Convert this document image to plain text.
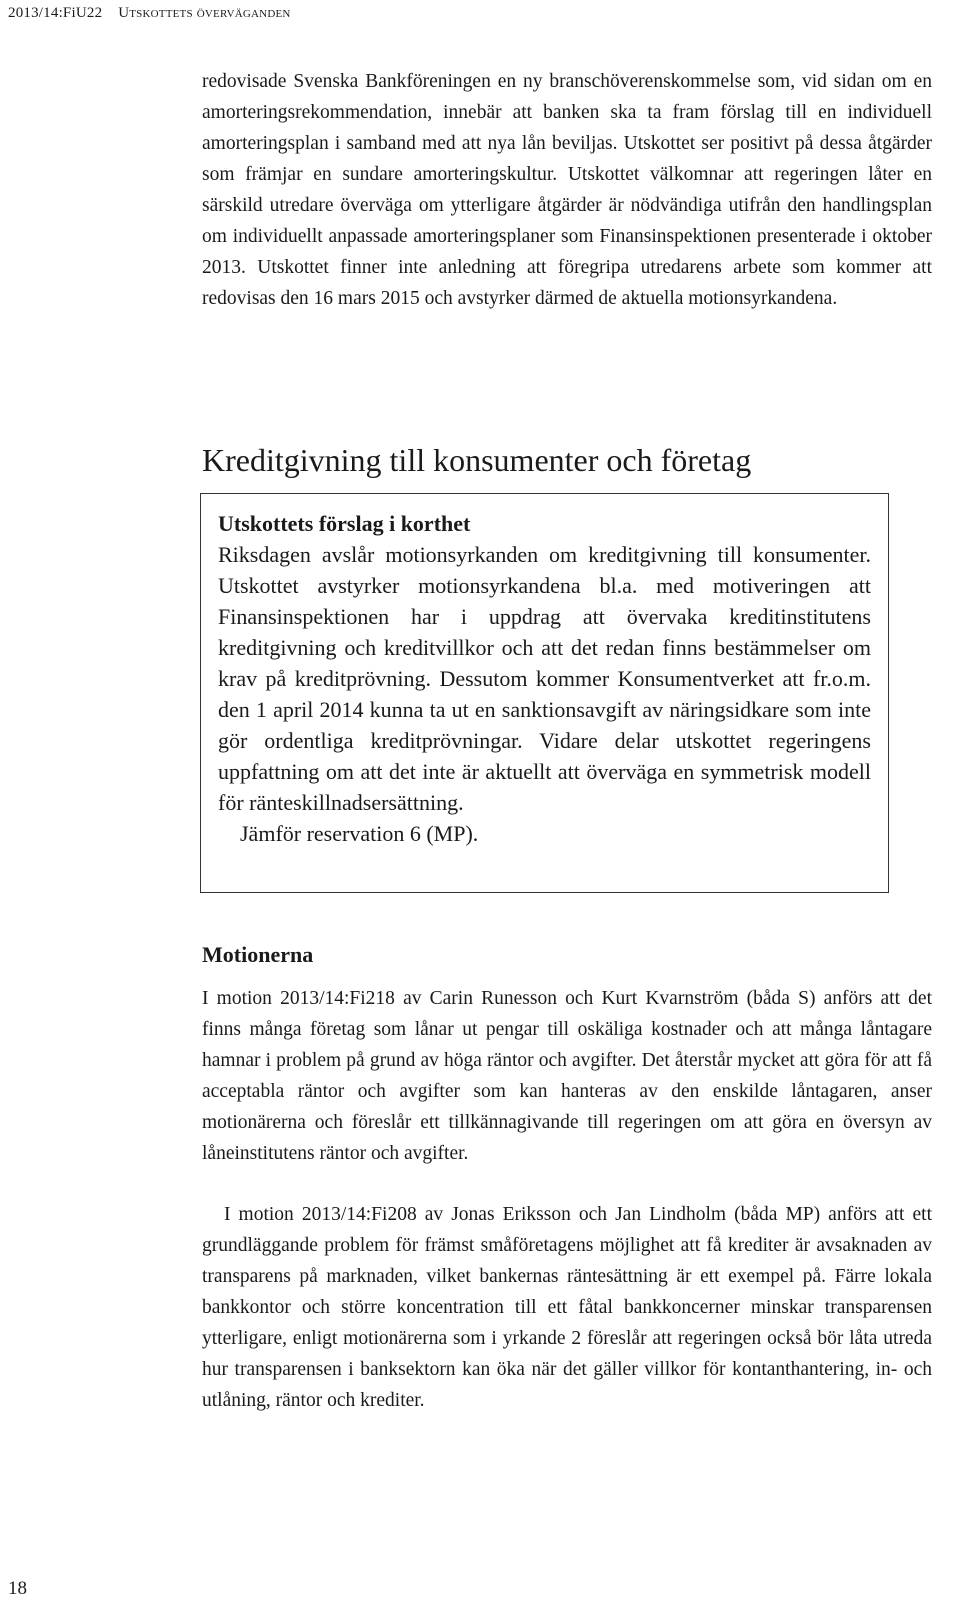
2013/14:FiU22 Utskottets överväganden

redovisade Svenska Bankföreningen en ny branschöverenskommelse som, vid sidan om en amorteringsrekommendation, innebär att banken ska ta fram förslag till en individuell amorteringsplan i samband med att nya lån beviljas. Utskottet ser positivt på dessa åtgärder som främjar en sundare amorteringskultur. Utskottet välkomnar att regeringen låter en särskild utredare överväga om ytterligare åtgärder är nödvändiga utifrån den handlingsplan om individuellt anpassade amorteringsplaner som Finansinspektionen presenterade i oktober 2013. Utskottet finner inte anledning att föregripa utredarens arbete som kommer att redovisas den 16 mars 2015 och avstyrker därmed de aktuella motionsyrkandena.

Kreditgivning till konsumenter och företag

Utskottets förslag i korthet

Riksdagen avslår motionsyrkanden om kreditgivning till konsumenter. Utskottet avstyrker motionsyrkandena bl.a. med motiveringen att Finansinspektionen har i uppdrag att övervaka kreditinstitutens kreditgivning och kreditvillkor och att det redan finns bestämmelser om krav på kreditprövning. Dessutom kommer Konsumentverket att fr.o.m. den 1 april 2014 kunna ta ut en sanktionsavgift av näringsidkare som inte gör ordentliga kreditprövningar. Vidare delar utskottet regeringens uppfattning om att det inte är aktuellt att överväga en symmetrisk modell för ränteskillnadsersättning.

Jämför reservation 6 (MP).

Motionerna

I motion 2013/14:Fi218 av Carin Runesson och Kurt Kvarnström (båda S) anförs att det finns många företag som lånar ut pengar till oskäliga kostnader och att många låntagare hamnar i problem på grund av höga räntor och avgifter. Det återstår mycket att göra för att få acceptabla räntor och avgifter som kan hanteras av den enskilde låntagaren, anser motionärerna och föreslår ett tillkännagivande till regeringen om att göra en översyn av låneinstitutens räntor och avgifter.

I motion 2013/14:Fi208 av Jonas Eriksson och Jan Lindholm (båda MP) anförs att ett grundläggande problem för främst småföretagens möjlighet att få krediter är avsaknaden av transparens på marknaden, vilket bankernas räntesättning är ett exempel på. Färre lokala bankkontor och större koncentration till ett fåtal bankkoncerner minskar transparensen ytterligare, enligt motionärerna som i yrkande 2 föreslår att regeringen också bör låta utreda hur transparensen i banksektorn kan öka när det gäller villkor för kontanthantering, in- och utlåning, räntor och krediter.

18
